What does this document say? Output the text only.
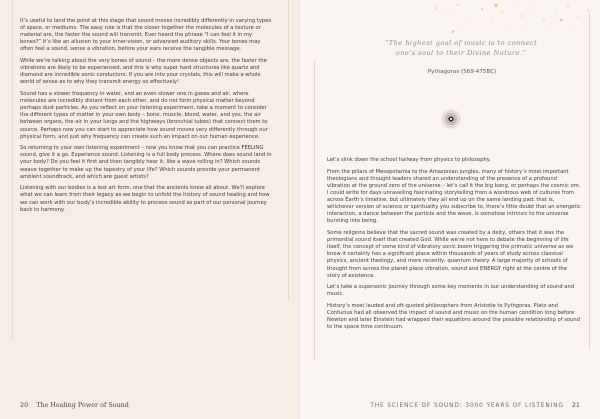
It’s useful to land the point at this stage that sound moves incredibly differently in varying types of space, or mediums. The easy rule is that the closer together the molecules of a texture or material are, the faster the sound will transmit. Ever heard the phrase “I can feel it in my bones?” It’s like an allusion to your inner-vision, or advanced auditory skills. Your bones may often feel a sound, sense a vibration, before your ears receive the tangible message.

While we’re talking about the very bones of sound – the more dense objects are, the faster the vibrations are likely to be experienced, and this is why super hard structures like quartz and diamond are incredible sonic conductors. If you are into your crystals, this will make a whole world of sense as to why they transmit energy so effectively!

Sound has a slower frequency in water, and an even slower one in gases and air, where molecules are incredibly distant from each other, and do not form physical matter beyond perhaps dust particles. As you reflect on your listening experiment, take a moment to consider the different types of matter in your own body – bone, muscle, blood, water, and yes, the air between organs, the air in your lungs and the highways (bronchial tubes) that connect them to source. Perhaps now you can start to appreciate how sound moves very differently through our physical form, and just why frequency can create such an impact on our human experience.

So returning to your own listening experiment – now you know that you can practice FEELING sound, give it a go. Experience sound. Listening is a full body process. Where does sound land in your body? Do you feel it first and then tangibly hear it, like a wave rolling in? Which sounds weave together to make up the tapestry of your life? Which sounds provide your permanent ambient soundtrack, and which are guest artists?

Listening with our bodies is a lost art form, one that the ancients knew all about. We’ll explore what we can learn from their legacy as we begin to unfold the history of sound healing and how we can work with our body’s incredible ability to process sound as part of our personal journey back to harmony.

20 The Healing Power of Sound
“The highest goal of music is to connect
one’s soul to their Divine Nature.”
Pythagoras (569-475BC)

Let’s slink down the school hallway from physics to philosophy.

From the pillars of Mesopotamia to the Amazonian jungles, many of history’s most important theologians and thought leaders shared an understanding of the presence of a profound vibration at the ground zero of the universe – let’s call it the big bang, or perhaps the cosmic om. I could write for days unravelling fascinating storytelling from a wondrous web of cultures from across Earth’s timeline, but ultimately they all end up on the same landing pad: that is, whichever version of science or spirituality you subscribe to, there’s little doubt that an energetic interaction, a dance between the particle and the wave, is somehow intrinsic to the universe bursting into being.

Some religions believe that the sacred sound was created by a deity, others that it was the primordial sound itself that created God. While we’re not here to debate the beginning of life itself, the concept of some kind of vibratory sonic boom triggering the primatic universe as we know it certainly has a significant place within thousands of years of study across classical physics, ancient theology, and more recently, quantum theory. A large majority of schools of thought from across the planet place vibration, sound and ENERGY right at the centre of the story of existence.

Let’s take a supersonic journey through some key moments in our understanding of sound and music.

History’s most lauded and oft-quoted philosophers from Aristotle to Pythgoras, Plato and Confucius had all observed the impact of sound and music on the human condition long before Newton and later Einstein had wrapped their equations around the possible relationship of sound to the space time continuum.

THE SCIENCE OF SOUND: 3000 YEARS OF LISTENING 21
